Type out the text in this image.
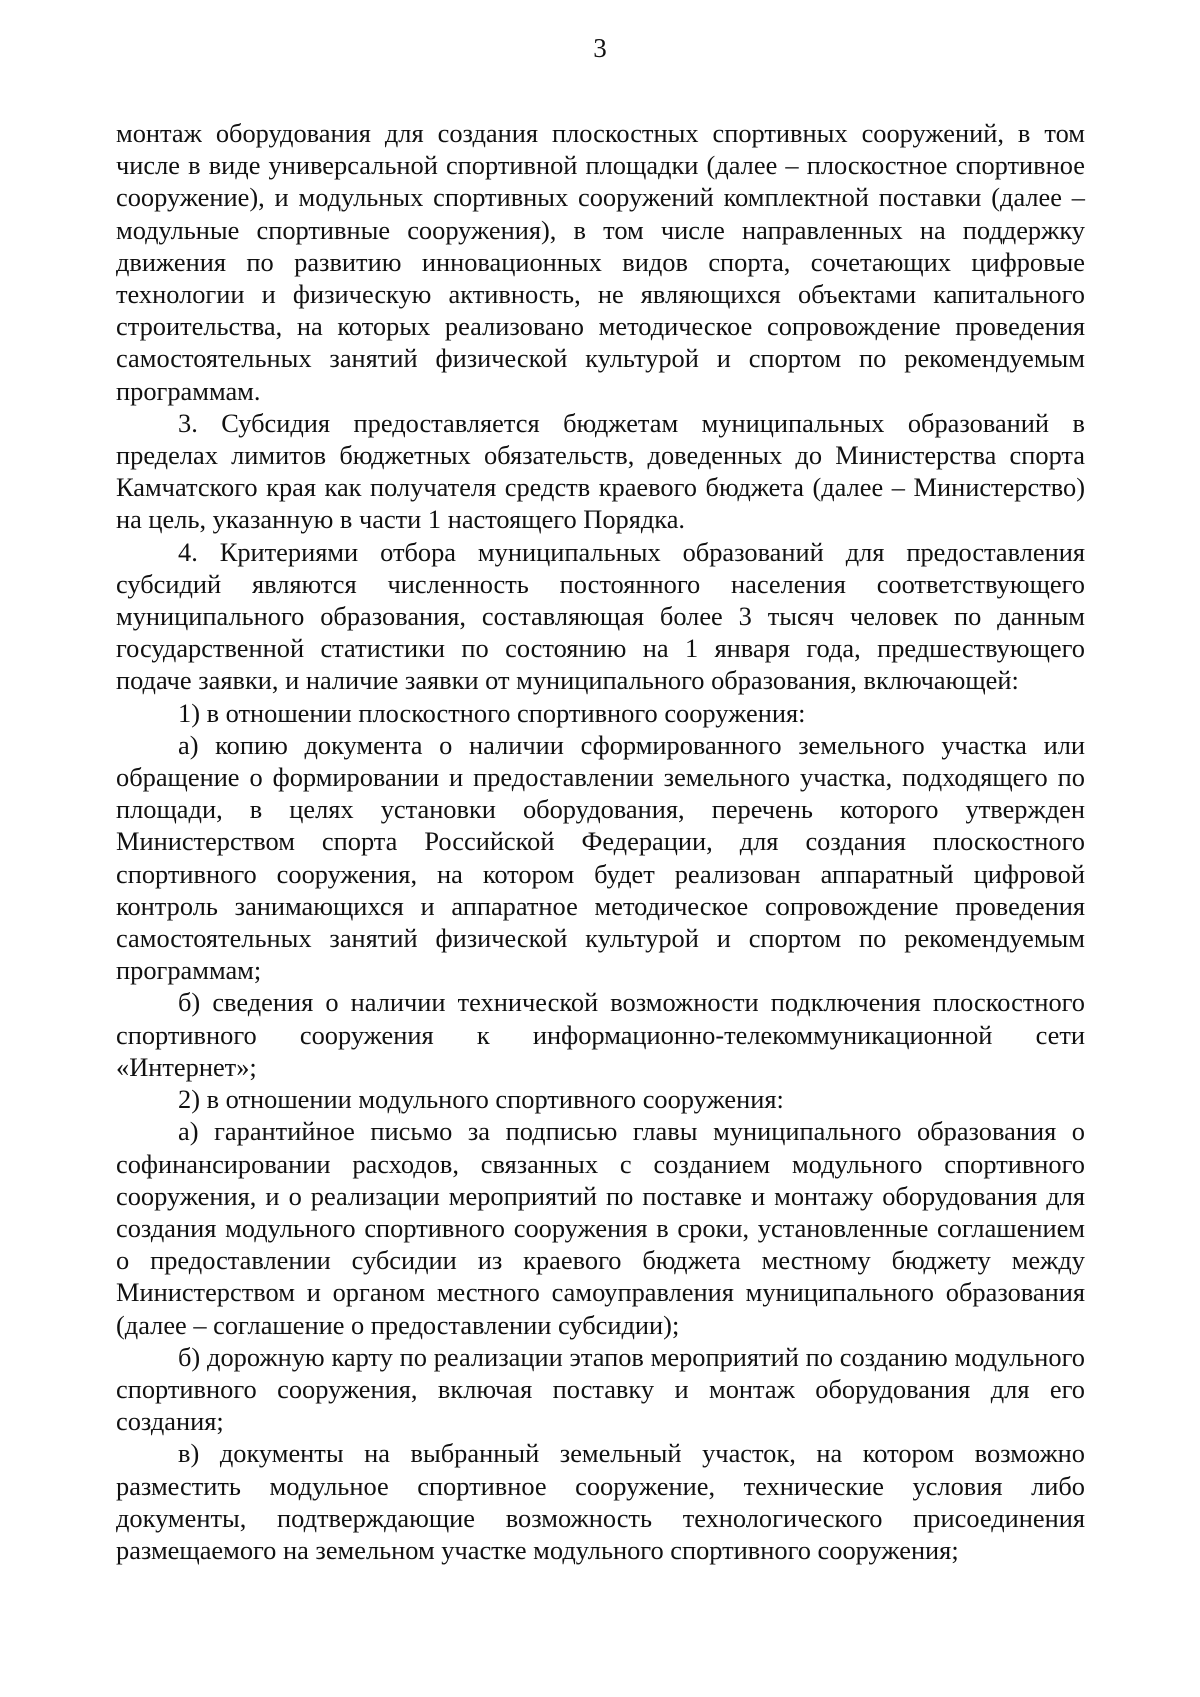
3

монтаж оборудования для создания плоскостных спортивных сооружений, в том числе в виде универсальной спортивной площадки (далее – плоскостное спортивное сооружение), и модульных спортивных сооружений комплектной поставки (далее – модульные спортивные сооружения), в том числе направленных на поддержку движения по развитию инновационных видов спорта, сочетающих цифровые технологии и физическую активность, не являющихся объектами капитального строительства, на которых реализовано методическое сопровождение проведения самостоятельных занятий физической культурой и спортом по рекомендуемым программам.

3. Субсидия предоставляется бюджетам муниципальных образований в пределах лимитов бюджетных обязательств, доведенных до Министерства спорта Камчатского края как получателя средств краевого бюджета (далее – Министерство) на цель, указанную в части 1 настоящего Порядка.

4. Критериями отбора муниципальных образований для предоставления субсидий являются численность постоянного населения соответствующего муниципального образования, составляющая более 3 тысяч человек по данным государственной статистики по состоянию на 1 января года, предшествующего подаче заявки, и наличие заявки от муниципального образования, включающей:

1) в отношении плоскостного спортивного сооружения:

а) копию документа о наличии сформированного земельного участка или обращение о формировании и предоставлении земельного участка, подходящего по площади, в целях установки оборудования, перечень которого утвержден Министерством спорта Российской Федерации, для создания плоскостного спортивного сооружения, на котором будет реализован аппаратный цифровой контроль занимающихся и аппаратное методическое сопровождение проведения самостоятельных занятий физической культурой и спортом по рекомендуемым программам;

б) сведения о наличии технической возможности подключения плоскостного спортивного сооружения к информационно-телекоммуникационной сети «Интернет»;

2) в отношении модульного спортивного сооружения:

а) гарантийное письмо за подписью главы муниципального образования о софинансировании расходов, связанных с созданием модульного спортивного сооружения, и о реализации мероприятий по поставке и монтажу оборудования для создания модульного спортивного сооружения в сроки, установленные соглашением о предоставлении субсидии из краевого бюджета местному бюджету между Министерством и органом местного самоуправления муниципального образования (далее – соглашение о предоставлении субсидии);

б) дорожную карту по реализации этапов мероприятий по созданию модульного спортивного сооружения, включая поставку и монтаж оборудования для его создания;

в) документы на выбранный земельный участок, на котором возможно разместить модульное спортивное сооружение, технические условия либо документы, подтверждающие возможность технологического присоединения размещаемого на земельном участке модульного спортивного сооружения;
